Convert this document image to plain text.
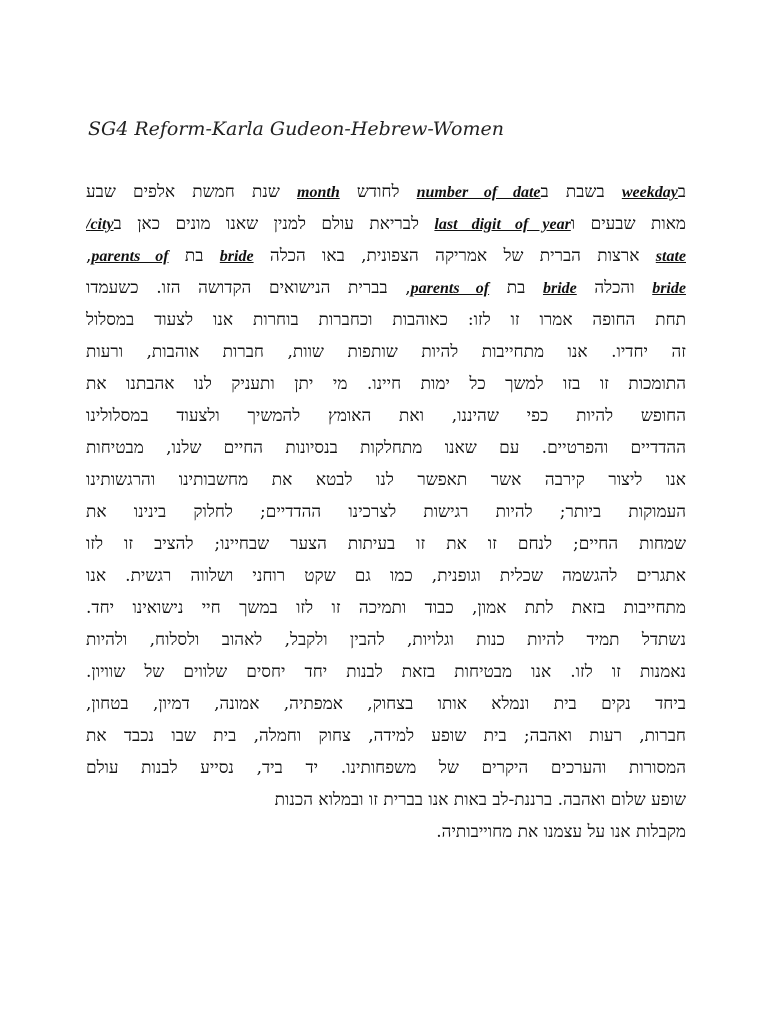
SG4 Reform-Karla Gudeon-Hebrew-Women
בweekday בשבת בnumber of date לחודש month שנת חמשת אלפים שבע
מאות שבעים וlast digit of year לבריאת עולם למנין שאנו מונים כאן בcity/
state ארצות הברית של אמריקה הצפונית, באו הכלה bride בת parents of,
bride והכלה bride בת parents of, בברית הנישואים הקדושה הזו. כשעמדו
תחת החופה אמרו זו לזו: כאוהבות וכחברות בוחרות אנו לצעוד במסלול
זה יחדיו. אנו מתחייבות להיות שותפות שוות, חברות אוהבות, ורעות
התומכות זו בזו למשך כל ימות חיינו. מי יתן ותעניק לנו אהבתנו את
החופש להיות כפי שהיננו, ואת האומץ להמשיך ולצעוד במסלולינו
ההדדיים והפרטיים. עם שאנו מתחלקות בנסיונות החיים שלנו, מבטיחות
אנו ליצור קירבה אשר תאפשר לנו לבטא את מחשבותינו והרגשותינו
העמוקות ביותר; להיות רגישות לצרכינו ההדדיים; לחלוק בינינו את
שמחות החיים; לנחם זו את זו בעיתות הצער שבחיינו; להציב זו לזו
אתגרים להגשמה שכלית וגופנית, כמו גם שקט רוחני ושלווה רגשית. אנו
מתחייבות בזאת לתת אמון, כבוד ותמיכה זו לזו במשך חיי נישואינו יחד.
נשתדל תמיד להיות כנות וגלויות, להבין ולקבל, לאהוב ולסלוח, ולהיות
נאמנות זו לזו. אנו מבטיחות בזאת לבנות יחד יחסים שלווים של שוויון.
ביחד נקים בית ונמלא אותו בצחוק, אמפתיה, אמונה, דמיון, בטחון,
חברות, רעות ואהבה; בית שופע למידה, צחוק וחמלה, בית שבו נכבד את
המסורות והערכים היקרים של משפחותינו. יד ביד, נסייע לבנות עולם
שופע שלום ואהבה. ברננת-לב באות אנו בברית זו ובמלוא הכנות
מקבלות אנו על עצמנו את מחוייבותיה.
